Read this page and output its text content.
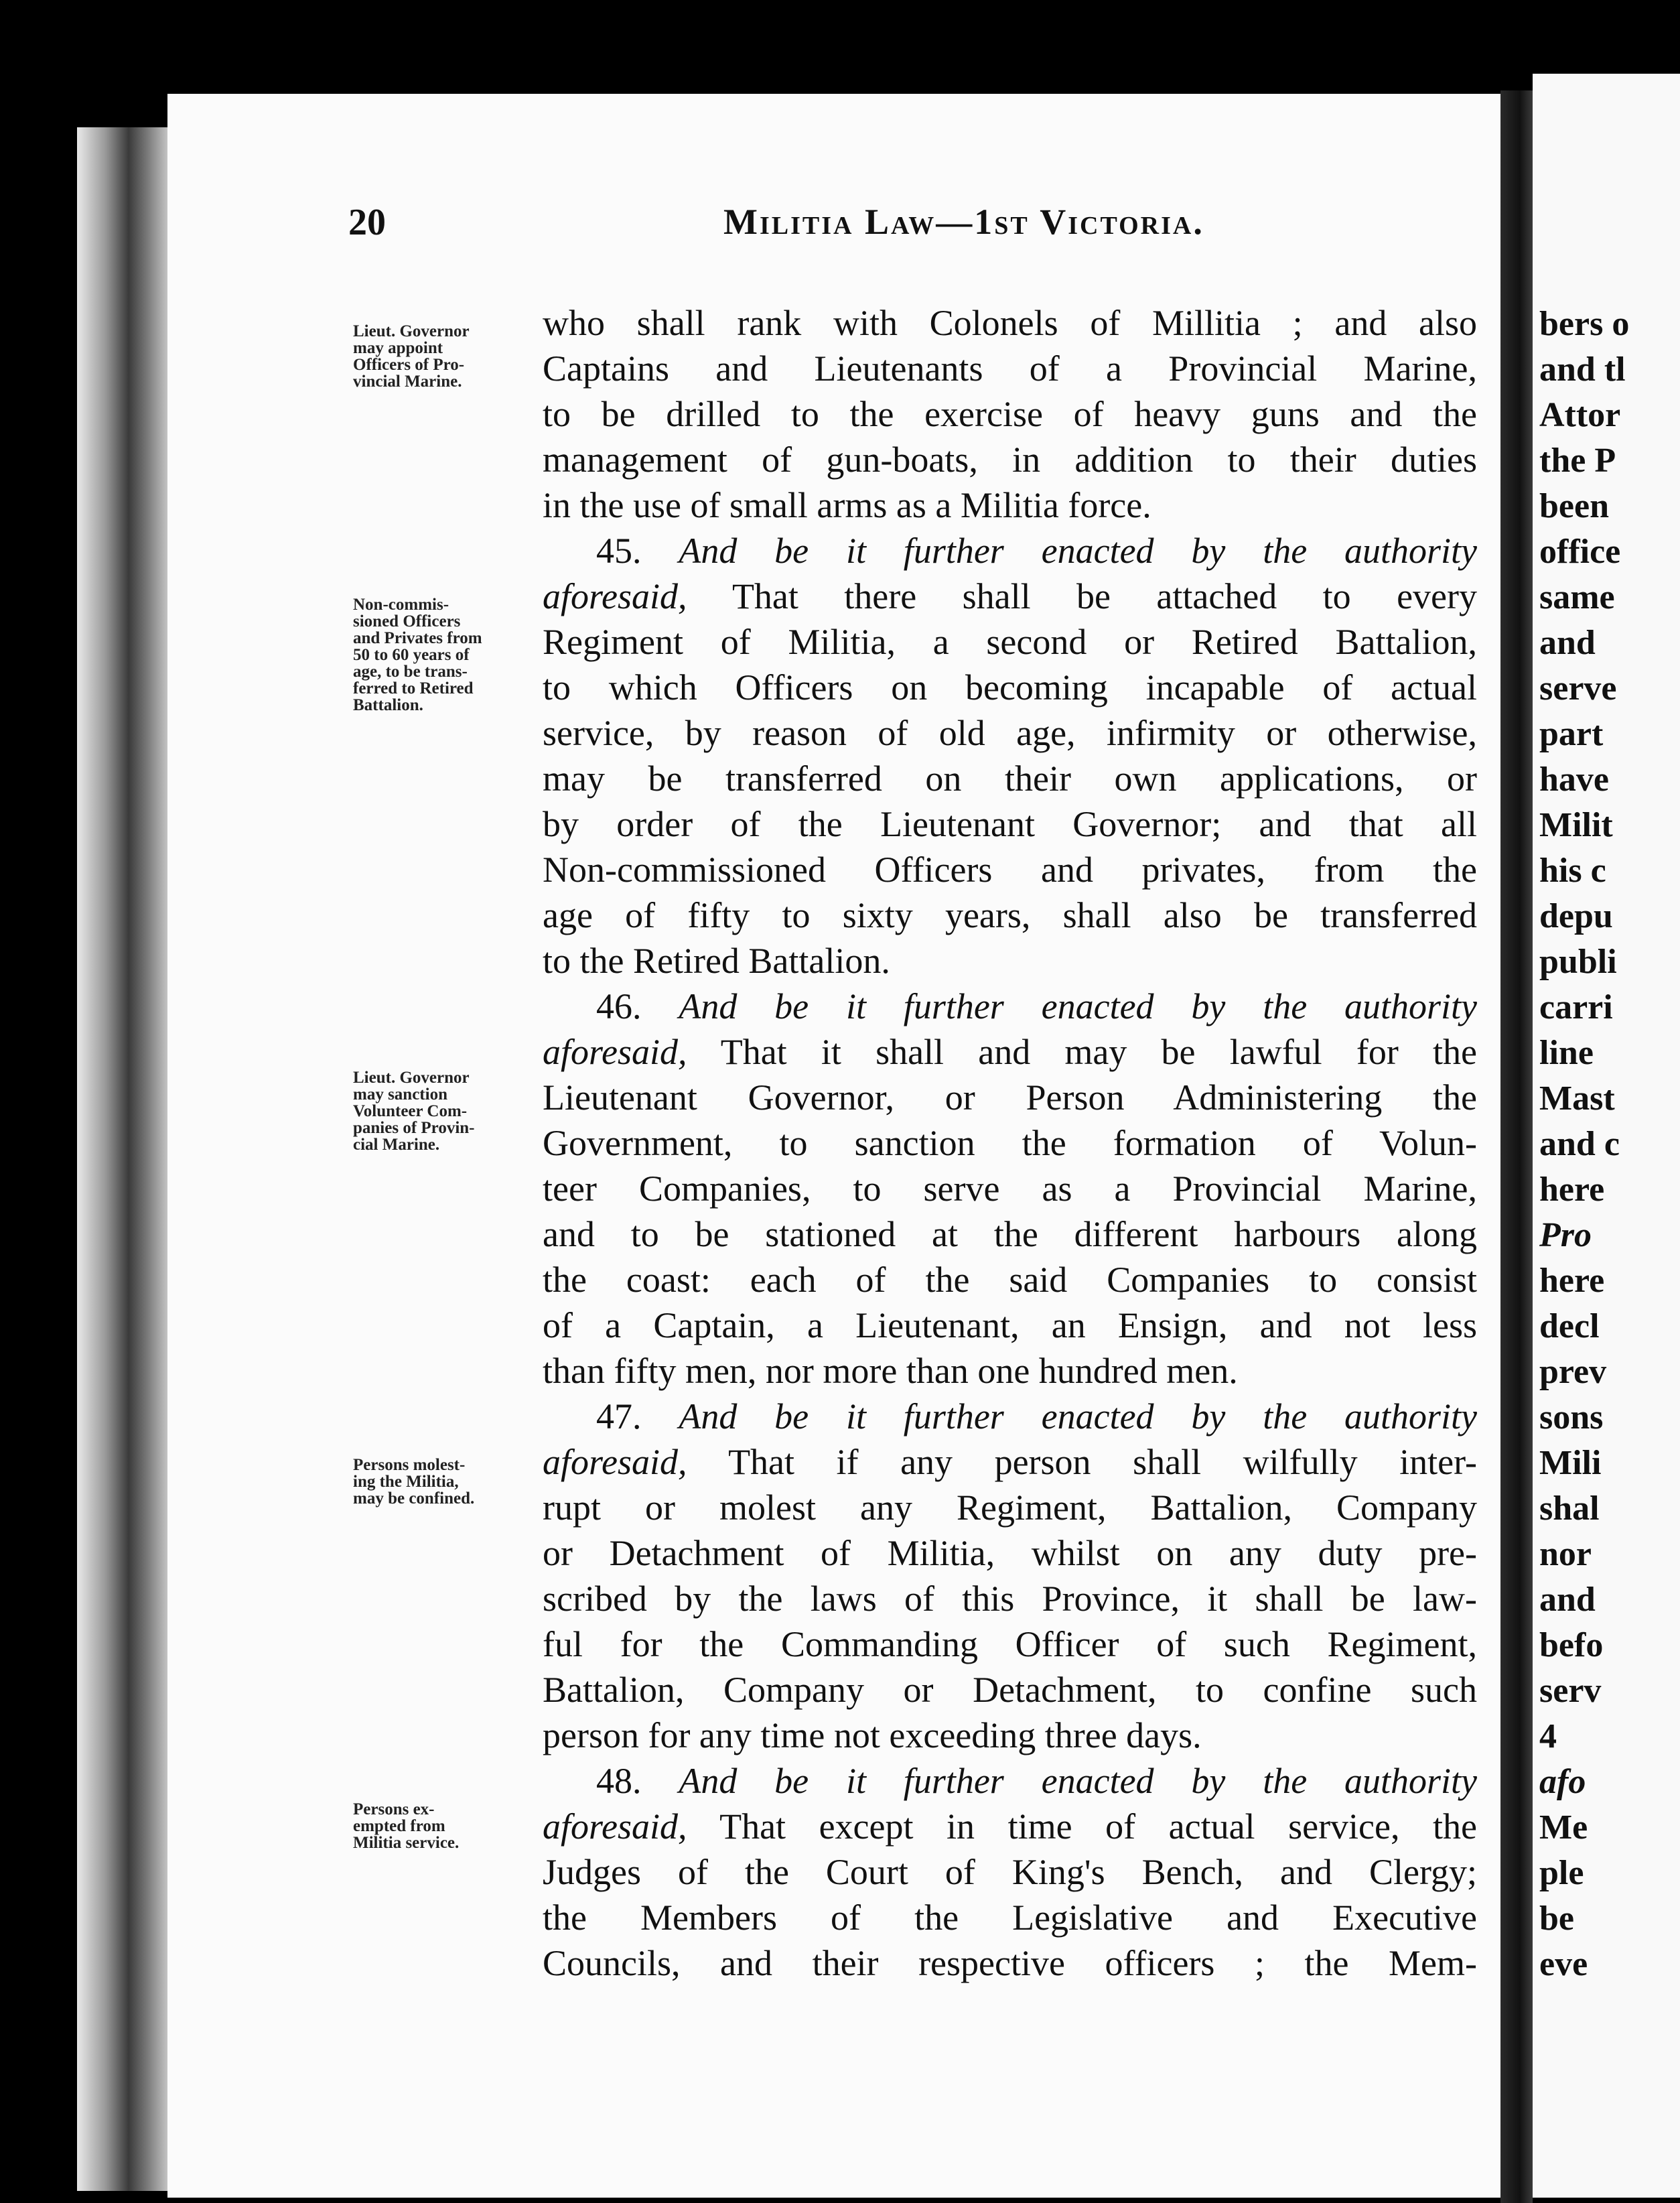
bers o
and tl
Attor
the P
been
office
same
and
serve
part
have
Milit
his c
depu
publi
carri
line
Mast
and c
here
Pro
here
decl
prev
sons
Mili
shal
nor
and
befo
serv
4
afo
Me
ple
be
eve
20	Militia Law—1st Victoria.
Lieut. Governor
may appoint
Officers of Pro-
vincial Marine.
Non-commis-
sioned Officers
and Privates from
50 to 60 years of
age, to be trans-
ferred to Retired
Battalion.
Lieut. Governor
may sanction
Volunteer Com-
panies of Provin-
cial Marine.
Persons molest-
ing the Militia,
may be confined.
Persons ex-
empted from
Militia service.
who shall rank with Colonels of Millitia ; and also
Captains and Lieutenants of a Provincial Marine,
to be drilled to the exercise of heavy guns and the
management of gun-boats, in addition to their duties
in the use of small arms as a Militia force.
45. And be it further enacted by the authority
aforesaid, That there shall be attached to every
Regiment of Militia, a second or Retired Battalion,
to which Officers on becoming incapable of actual
service, by reason of old age, infirmity or otherwise,
may be transferred on their own applications, or
by order of the Lieutenant Governor; and that all
Non-commissioned Officers and privates, from the
age of fifty to sixty years, shall also be transferred
to the Retired Battalion.
46. And be it further enacted by the authority
aforesaid, That it shall and may be lawful for the
Lieutenant Governor, or Person Administering the
Government, to sanction the formation of Volun-
teer Companies, to serve as a Provincial Marine,
and to be stationed at the different harbours along
the coast: each of the said Companies to consist
of a Captain, a Lieutenant, an Ensign, and not less
than fifty men, nor more than one hundred men.
47. And be it further enacted by the authority
aforesaid, That if any person shall wilfully inter-
rupt or molest any Regiment, Battalion, Company
or Detachment of Militia, whilst on any duty pre-
scribed by the laws of this Province, it shall be law-
ful for the Commanding Officer of such Regiment,
Battalion, Company or Detachment, to confine such
person for any time not exceeding three days.
48. And be it further enacted by the authority
aforesaid, That except in time of actual service, the
Judges of the Court of King's Bench, and Clergy;
the Members of the Legislative and Executive
Councils, and their respective officers ; the Mem-
